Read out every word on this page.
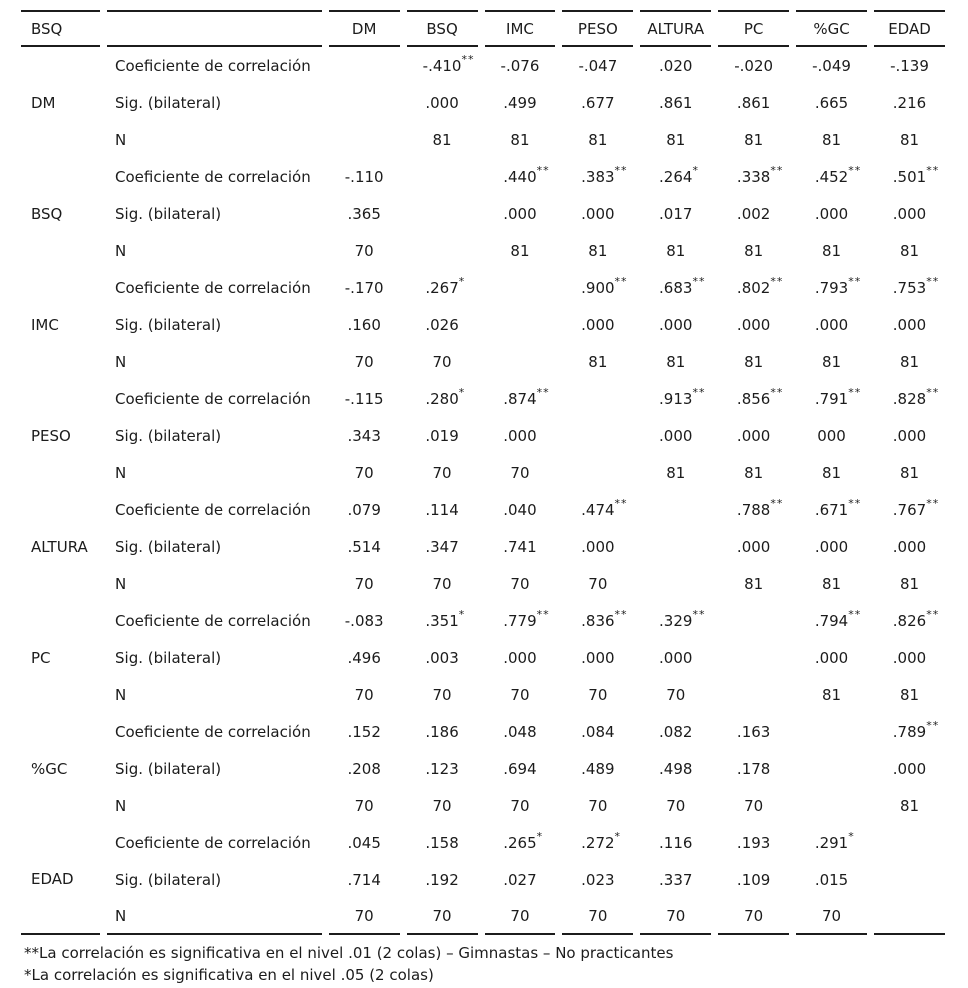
BSQ		DM	BSQ	IMC	PESO	ALTURA	PC	%GC	EDAD
DM	Coeficiente de correlación		-.410 **	-.076	-.047	.020	-.020	-.049	-.139
	Sig. (bilateral)		.000	.499	.677	.861	.861	.665	.216
	N		81	81	81	81	81	81	81
BSQ	Coeficiente de correlación	-.110		.440 **	.383 **	.264 *	.338 **	.452 **	.501 **

	Sig. (bilateral)	.365		.000	.000	.017	.002	.000	.000
	N	70		81	81	81	81	81	81
IMC	Coeficiente de correlación	-.170	.267 *		.900 **	.683 **	.802 **	.793 **	.753 **

	Sig. (bilateral)	.160	.026		.000	.000	.000	.000	.000
	N	70	70		81	81	81	81	81
PESO	Coeficiente de correlación	-.115	.280 *	.874 **		.913 **	.856 **	.791 **	.828 **

	Sig. (bilateral)	.343	.019	.000		.000	.000	000	.000
	N	70	70	70		81	81	81	81
ALTURA	Coeficiente de correlación	.079	.114	.040	.474 **		.788 **	.671 **	.767 **

	Sig. (bilateral)	.514	.347	.741	.000		.000	.000	.000
	N	70	70	70	70		81	81	81
PC	Coeficiente de correlación	-.083	.351 *	.779 **	.836 **	.329 **		.794 **	.826 **

	Sig. (bilateral)	.496	.003	.000	.000	.000		.000	.000
	N	70	70	70	70	70		81	81
%GC	Coeficiente de correlación	.152	.186	.048	.084	.082	.163		.789 **

	Sig. (bilateral)	.208	.123	.694	.489	.498	.178		.000
	N	70	70	70	70	70	70		81
EDAD	Coeficiente de correlación	.045	.158	.265 *	.272 *	.116	.193	.291 *	

	Sig. (bilateral)	.714	.192	.027	.023	.337	.109	.015	
	N	70	70	70	70	70	70	70	
**La correlación es significativa en el nivel .01 (2 colas) – Gimnastas – No practicantes
*La correlación es significativa en el nivel .05 (2 colas)
